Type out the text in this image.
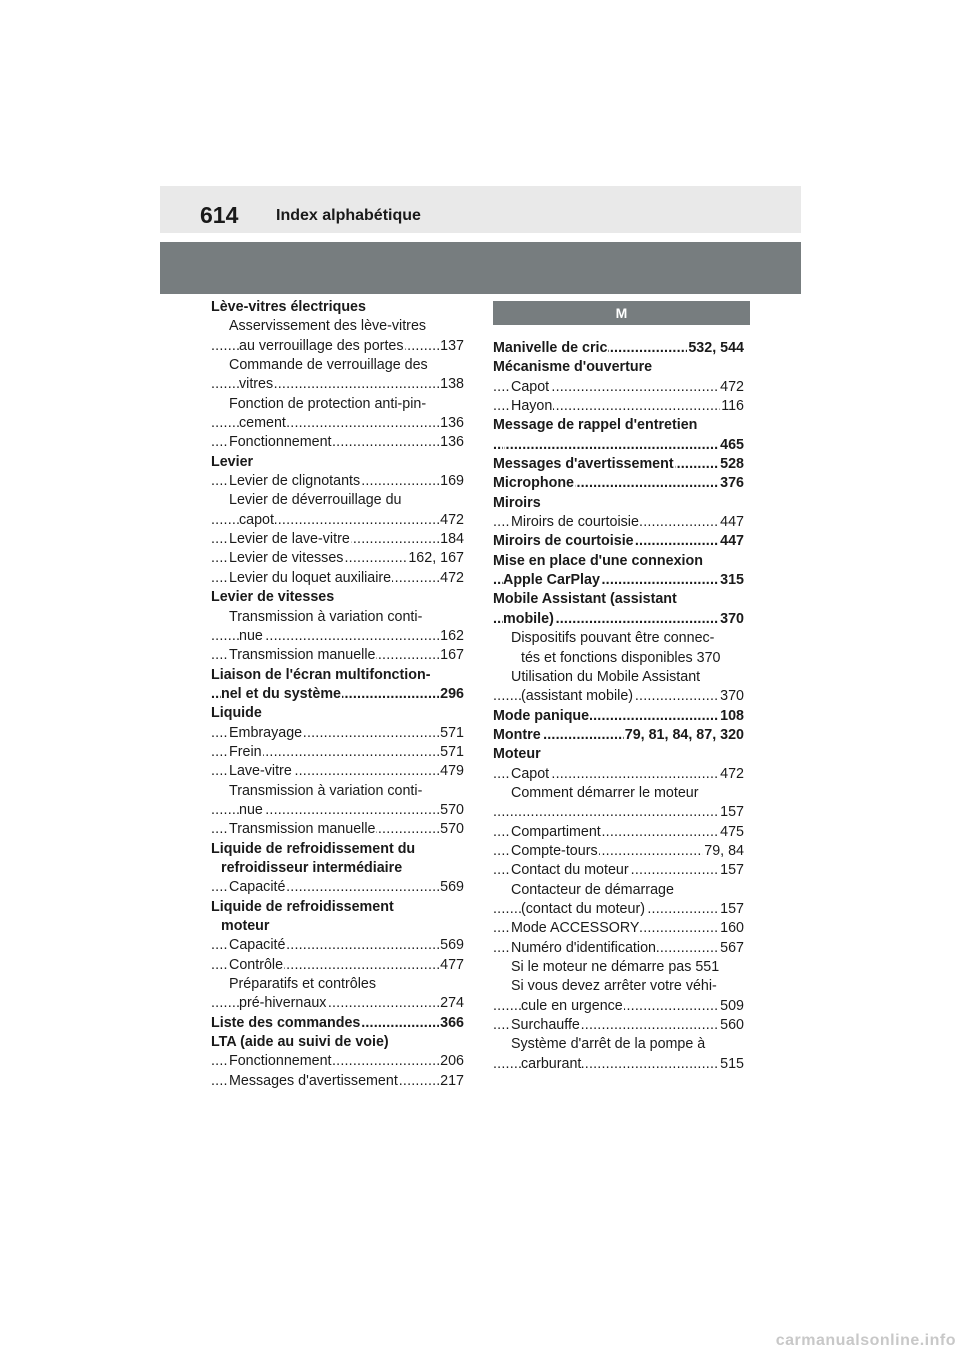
614 Index alphabétique
Lève-vitres électriques
Asservissement des lève-vitres
au verrouillage des portes	137
.....
Commande de verrouillage des
vitres	138
.....
Fonction de protection anti-pin-
cement	136
.....
Fonctionnement	136
.....
Levier
Levier de clignotants	169
.....
Levier de déverrouillage du
capot	472
.....
Levier de lave-vitre	184
.....
Levier de vitesses	162, 167
.....
Levier du loquet auxiliaire	472
.....
Levier de vitesses
Transmission à variation conti-
nue	162
.....
Transmission manuelle	167
.....
Liaison de l'écran multifonction-
nel et du système	296
.....
Liquide
Embrayage	571
.....
Frein	571
.....
Lave-vitre	479
.....
Transmission à variation conti-
nue	570
.....
Transmission manuelle	570
.....
Liquide de refroidissement du
refroidisseur intermédiaire
Capacité	569
.....
Liquide de refroidissement
moteur
Capacité	569
.....
Contrôle	477
.....
Préparatifs et contrôles
pré-hivernaux	274
.....
Liste des commandes	366
.....
LTA (aide au suivi de voie)
Fonctionnement	206
.....
Messages d'avertissement	217
.....
M
Manivelle de cric	532, 544
.....
Mécanisme d'ouverture
Capot	472
.....
Hayon	116
.....
Message de rappel d'entretien
465
.....
Messages d'avertissement	528
.....
Microphone	376
.....
Miroirs
Miroirs de courtoisie	447
.....
Miroirs de courtoisie	447
.....
Mise en place d'une connexion
Apple CarPlay	315
.....
Mobile Assistant (assistant
mobile)	370
.....
Dispositifs pouvant être connec-
tés et fonctions disponibles 370
Utilisation du Mobile Assistant
(assistant mobile)	370
.....
Mode panique	108
.....
Montre	79, 81, 84, 87, 320
.....
Moteur
Capot	472
.....
Comment démarrer le moteur
157
.....
Compartiment	475
.....
Compte-tours	79, 84
.....
Contact du moteur	157
.....
Contacteur de démarrage
(contact du moteur)	157
.....
Mode ACCESSORY	160
.....
Numéro d'identification	567
.....
Si le moteur ne démarre pas 551
Si vous devez arrêter votre véhi-
cule en urgence	509
.....
Surchauffe	560
.....
Système d'arrêt de la pompe à
carburant	515
.....
carmanualsonline.info
